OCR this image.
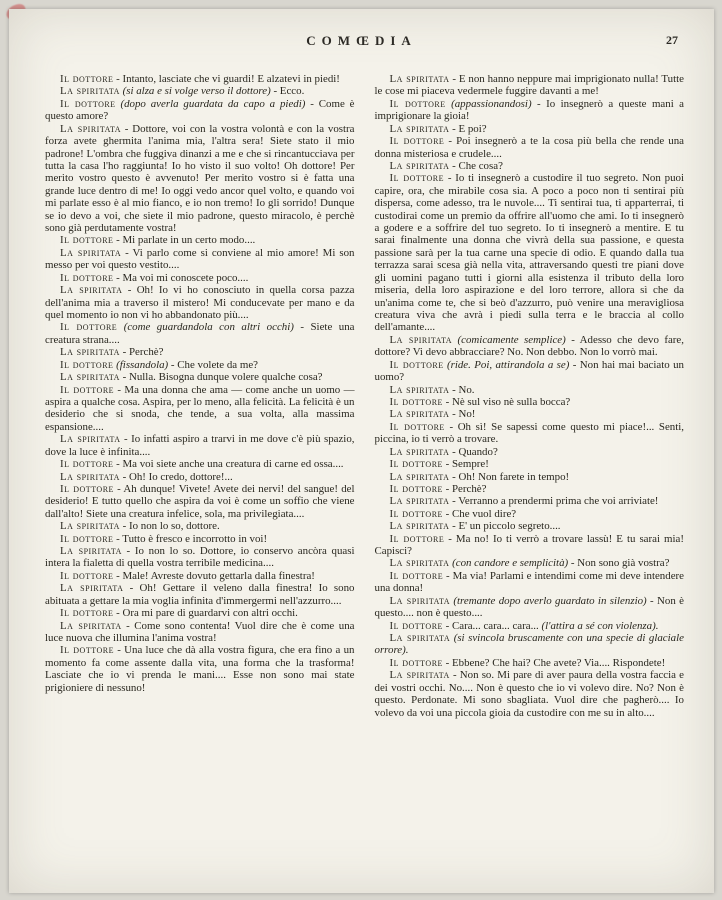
COMŒDIA	27

Il dottore - Intanto, lasciate che vi guardi! E alzatevi in piedi!

La spiritata (si alza e si volge verso il dottore) - Ecco.

Il dottore (dopo averla guardata da capo a piedi) - Come è questo amore?

La spiritata - Dottore, voi con la vostra volontà e con la vostra forza avete ghermita l'anima mia, l'altra sera! Siete stato il mio padrone! L'ombra che fuggiva dinanzi a me e che si rincantucciava per tutta la casa l'ho raggiunta! Io ho visto il suo volto! Oh dottore! Per merito vostro questo è avvenuto! Per merito vostro si è fatta una grande luce dentro di me! Io oggi vedo ancor quel volto, e quando voi mi parlate esso è al mio fianco, e io non tremo! Io gli sorrido! Dunque se io devo a voi, che siete il mio padrone, questo miracolo, è perchè sono già perdutamente vostra!

Il dottore - Mi parlate in un certo modo....

La spiritata - Vi parlo come si conviene al mio amore! Mi son messo per voi questo vestito....

Il dottore - Ma voi mi conoscete poco....

La spiritata - Oh! Io vi ho conosciuto in quella corsa pazza dell'anima mia a traverso il mistero! Mi conducevate per mano e da quel momento io non vi ho abbandonato più....

Il dottore (come guardandola con altri occhi) - Siete una creatura strana....

La spiritata - Perchè?

Il dottore (fissandola) - Che volete da me?

La spiritata - Nulla. Bisogna dunque volere qualche cosa?

Il dottore - Ma una donna che ama — come anche un uomo — aspira a qualche cosa. Aspira, per lo meno, alla felicità. La felicità è un desiderio che si snoda, che tende, a sua volta, alla massima espansione....

La spiritata - Io infatti aspiro a trarvi in me dove c'è più spazio, dove la luce è infinita....

Il dottore - Ma voi siete anche una creatura di carne ed ossa....

La spiritata - Oh! Io credo, dottore!...

Il dottore - Ah dunque! Vivete! Avete dei nervi! del sangue! del desiderio! E tutto quello che aspira da voi è come un soffio che viene dall'alto! Siete una creatura infelice, sola, ma privilegiata....

La spiritata - Io non lo so, dottore.

Il dottore - Tutto è fresco e incorrotto in voi!

La spiritata - Io non lo so. Dottore, io conservo ancòra quasi intera la fialetta di quella vostra terribile medicina....

Il dottore - Male! Avreste dovuto gettarla dalla finestra!

La spiritata - Oh! Gettare il veleno dalla finestra! Io sono abituata a gettare la mia voglia infinita d'immergermi nell'azzurro....

Il dottore - Ora mi pare di guardarvi con altri occhi.

La spiritata - Come sono contenta! Vuol dire che è come una luce nuova che illumina l'anima vostra!

Il dottore - Una luce che dà alla vostra figura, che era fino a un momento fa come assente dalla vita, una forma che la trasforma! Lasciate che io vi prenda le mani.... Esse non sono mai state prigioniere di nessuno!

La spiritata - E non hanno neppure mai imprigionato nulla! Tutte le cose mi piaceva vedermele fuggire davanti a me!

Il dottore (appassionandosi) - Io insegnerò a queste mani a imprigionare la gioia!

La spiritata - E poi?

Il dottore - Poi insegnerò a te la cosa più bella che rende una donna misteriosa e crudele....

La spiritata - Che cosa?

Il dottore - Io ti insegnerò a custodire il tuo segreto. Non puoi capire, ora, che mirabile cosa sia. A poco a poco non ti sentirai più dispersa, come adesso, tra le nuvole.... Ti sentirai tua, ti apparterrai, ti custodirai come un premio da offrire all'uomo che ami. Io ti insegnerò a godere e a soffrire del tuo segreto. Io ti insegnerò a mentire. E tu sarai finalmente una donna che vivrà della sua passione, e questa passione sarà per la tua carne una specie di odio. E quando dalla tua terrazza sarai scesa già nella vita, attraversando questi tre piani dove gli uomini pagano tutti i giorni alla esistenza il tributo della loro miseria, della loro aspirazione e del loro terrore, allora sì che da un'anima come te, che si beò d'azzurro, può venire una meravigliosa creatura viva che avrà i piedi sulla terra e le braccia al collo dell'amante....

La spiritata (comicamente semplice) - Adesso che devo fare, dottore? Vi devo abbracciare? No. Non debbo. Non lo vorrò mai.

Il dottore (ride. Poi, attirandola a se) - Non hai mai baciato un uomo?

La spiritata - No.

Il dottore - Nè sul viso nè sulla bocca?

La spiritata - No!

Il dottore - Oh sì! Se sapessi come questo mi piace!... Senti, piccina, io ti verrò a trovare.

La spiritata - Quando?

Il dottore - Sempre!

La spiritata - Oh! Non farete in tempo!

Il dottore - Perchè?

La spiritata - Verranno a prendermi prima che voi arriviate!

Il dottore - Che vuol dire?

La spiritata - E' un piccolo segreto....

Il dottore - Ma no! Io ti verrò a trovare lassù! E tu sarai mia! Capisci?

La spiritata (con candore e semplicità) - Non sono già vostra?

Il dottore - Ma via! Parlami e intendimi come mi deve intendere una donna!

La spiritata (tremante dopo averlo guardato in silenzio) - Non è questo.... non è questo....

Il dottore - Cara... cara... cara... (l'attira a sé con violenza).

La spiritata (si svincola bruscamente con una specie di glaciale orrore).

Il dottore - Ebbene? Che hai? Che avete? Via.... Rispondete!

La spiritata - Non so. Mi pare di aver paura della vostra faccia e dei vostri occhi. No.... Non è questo che io vi volevo dire. No? Non è questo. Perdonate. Mi sono sbagliata. Vuol dire che pagherò.... Io volevo da voi una piccola gioia da custodire con me su in alto....
